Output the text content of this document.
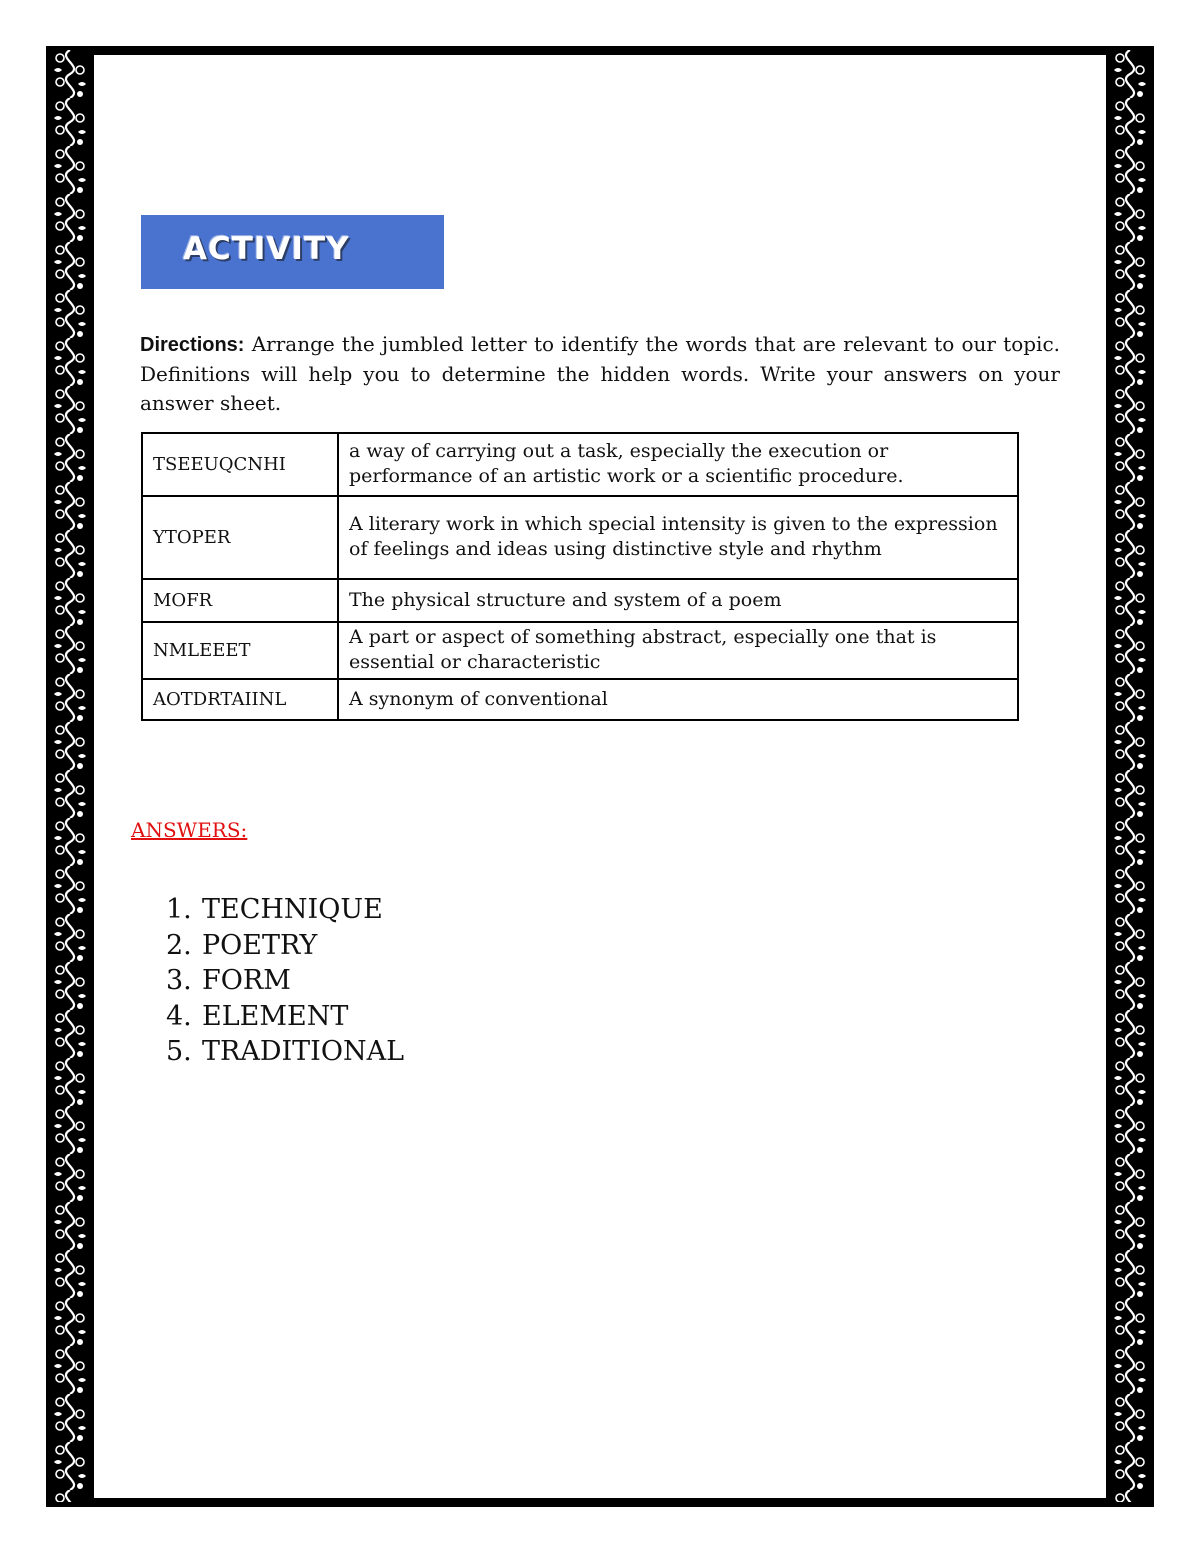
ACTIVITY
Directions: Arrange the jumbled letter to identify the words that are relevant to our topic. Definitions will help you to determine the hidden words. Write your answers on your answer sheet.
TSEEUQCNHI	a way of carrying out a task, especially the execution or performance of an artistic work or a scientific procedure.
YTOPER	A literary work in which special intensity is given to the expression of feelings and ideas using distinctive style and rhythm
MOFR	The physical structure and system of a poem
NMLEEET	A part or aspect of something abstract, especially one that is essential or characteristic
AOTDRTAIINL	A synonym of conventional
ANSWERS:
1. TECHNIQUE
2. POETRY
3. FORM
4. ELEMENT
5. TRADITIONAL
